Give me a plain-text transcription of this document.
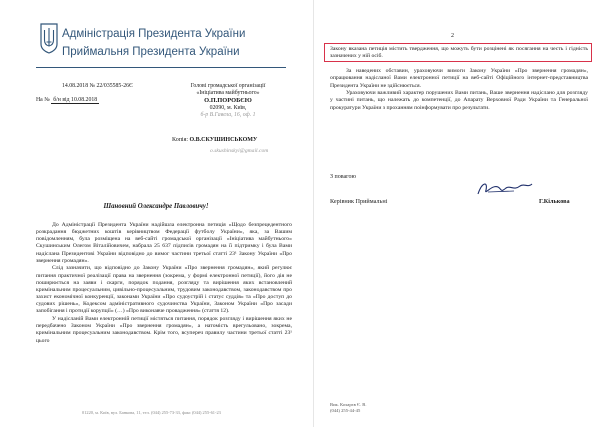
Адміністрація Президента України
Приймальня Президента України
14.08.2018 № 22/035585-26Є
На № б/н від 10.08.2018
Голові громадської організації
«Ініціатива майбутнього»
О.П.ПОРОБЄЮ
02090, м. Київ,
б-р В.Гавела, 16, оф. 1
Копія: О.В.СКУШИНСЬКОМУ
o.skushinskyi@gmail.com
Шановний Олександре Павловичу!

До Адміністрації Президента України надійшла електронна петиція «Щодо безпрецедентного розкрадання бюджетних коштів керівництвом Федерації футболу України», яка, за Вашим повідомленням, була розміщена на веб-сайті громадської організації «Ініціатива майбутнього» Скушинським Олегом Віталійовичем, набрала 25 637 підписів громадян на її підтримку і була Вами надіслана Президентові України відповідно до вимог частини третьої статті 23¹ Закону України «Про звернення громадян».

Слід зазначити, що відповідно до Закону України «Про звернення громадян», який регулює питання практичної реалізації права на звернення (зокрема, у формі електронної петиції), його дія не поширюється на заяви і скарги, порядок подання, розгляду та вирішення яких встановлений кримінальним процесуальним, цивільно-процесуальним, трудовим законодавством, законодавством про захист економічної конкуренції, законами України «Про судоустрій і статус суддів» та «Про доступ до судових рішень», Кодексом адміністративного судочинства України, Законом України «Про засади запобігання і протидії корупції» (…) «Про виконавче провадження» (стаття 12).

У надісланій Вами електронній петиції містяться питання, порядок розгляду і вирішення яких не передбачено Законом України «Про звернення громадян», а натомість врегульовано, зокрема, кримінальним процесуальним законодавством. Крім того, всупереч правилу частини третьої статті 23¹ цього

01220, м. Київ, вул. Банкова, 11, тел. (044) 255-73-33, факс (044) 255-61-23
2

Закону вказана петиція містить твердження, що можуть бути розцінені як посягання на честь і гідність зазначених у ній осіб.

За наведених обставин, ураховуючи вимоги Закону України «Про звернення громадян», опрацювання надісланої Вами електронної петиції на веб-сайті Офіційного інтернет-представництва Президента України не здійснюється.

Ураховуючи важливий характер порушених Вами питань, Ваше звернення надіслано для розгляду у частині питань, що належать до компетенції, до Апарату Верховної Ради України та Генеральної прокуратури України з проханням поінформувати про результати.

З повагою
Керівник Приймальні	Г.Кількова
Вик. Кохарєв Є. В.
(044) 255-44-45
